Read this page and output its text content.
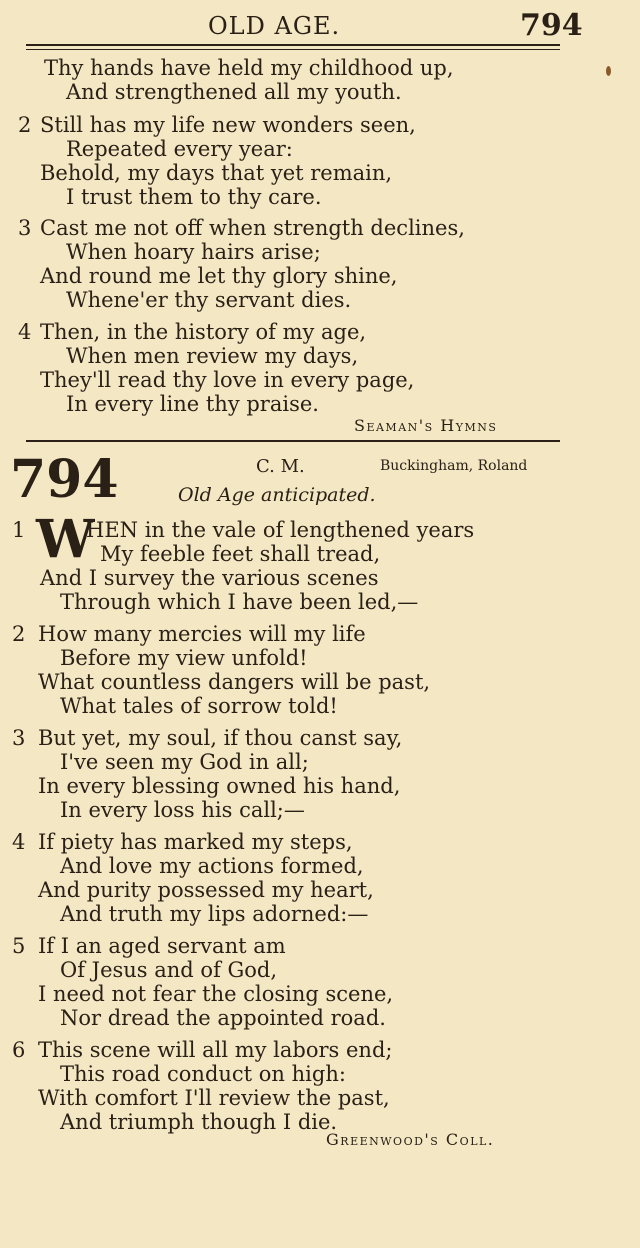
OLD AGE.	794
Thy hands have held my childhood up,
And strengthened all my youth.
2 Still has my life new wonders seen,
Repeated every year:
Behold, my days that yet remain,
I trust them to thy care.
3 Cast me not off when strength declines,
When hoary hairs arise;
And round me let thy glory shine,
Whene'er thy servant dies.
4 Then, in the history of my age,
When men review my days,
They'll read thy love in every page,
In every line thy praise.
Seaman's Hymns
794	C. M.	Buckingham, Roland
Old Age anticipated.
1 W
HEN in the vale of lengthened years
My feeble feet shall tread,
And I survey the various scenes
Through which I have been led,—
2 How many mercies will my life
Before my view unfold!
What countless dangers will be past,
What tales of sorrow told!
3 But yet, my soul, if thou canst say,
I've seen my God in all;
In every blessing owned his hand,
In every loss his call;—
4 If piety has marked my steps,
And love my actions formed,
And purity possessed my heart,
And truth my lips adorned:—
5 If I an aged servant am
Of Jesus and of God,
I need not fear the closing scene,
Nor dread the appointed road.
6 This scene will all my labors end;
This road conduct on high:
With comfort I'll review the past,
And triumph though I die.
Greenwood's Coll.
